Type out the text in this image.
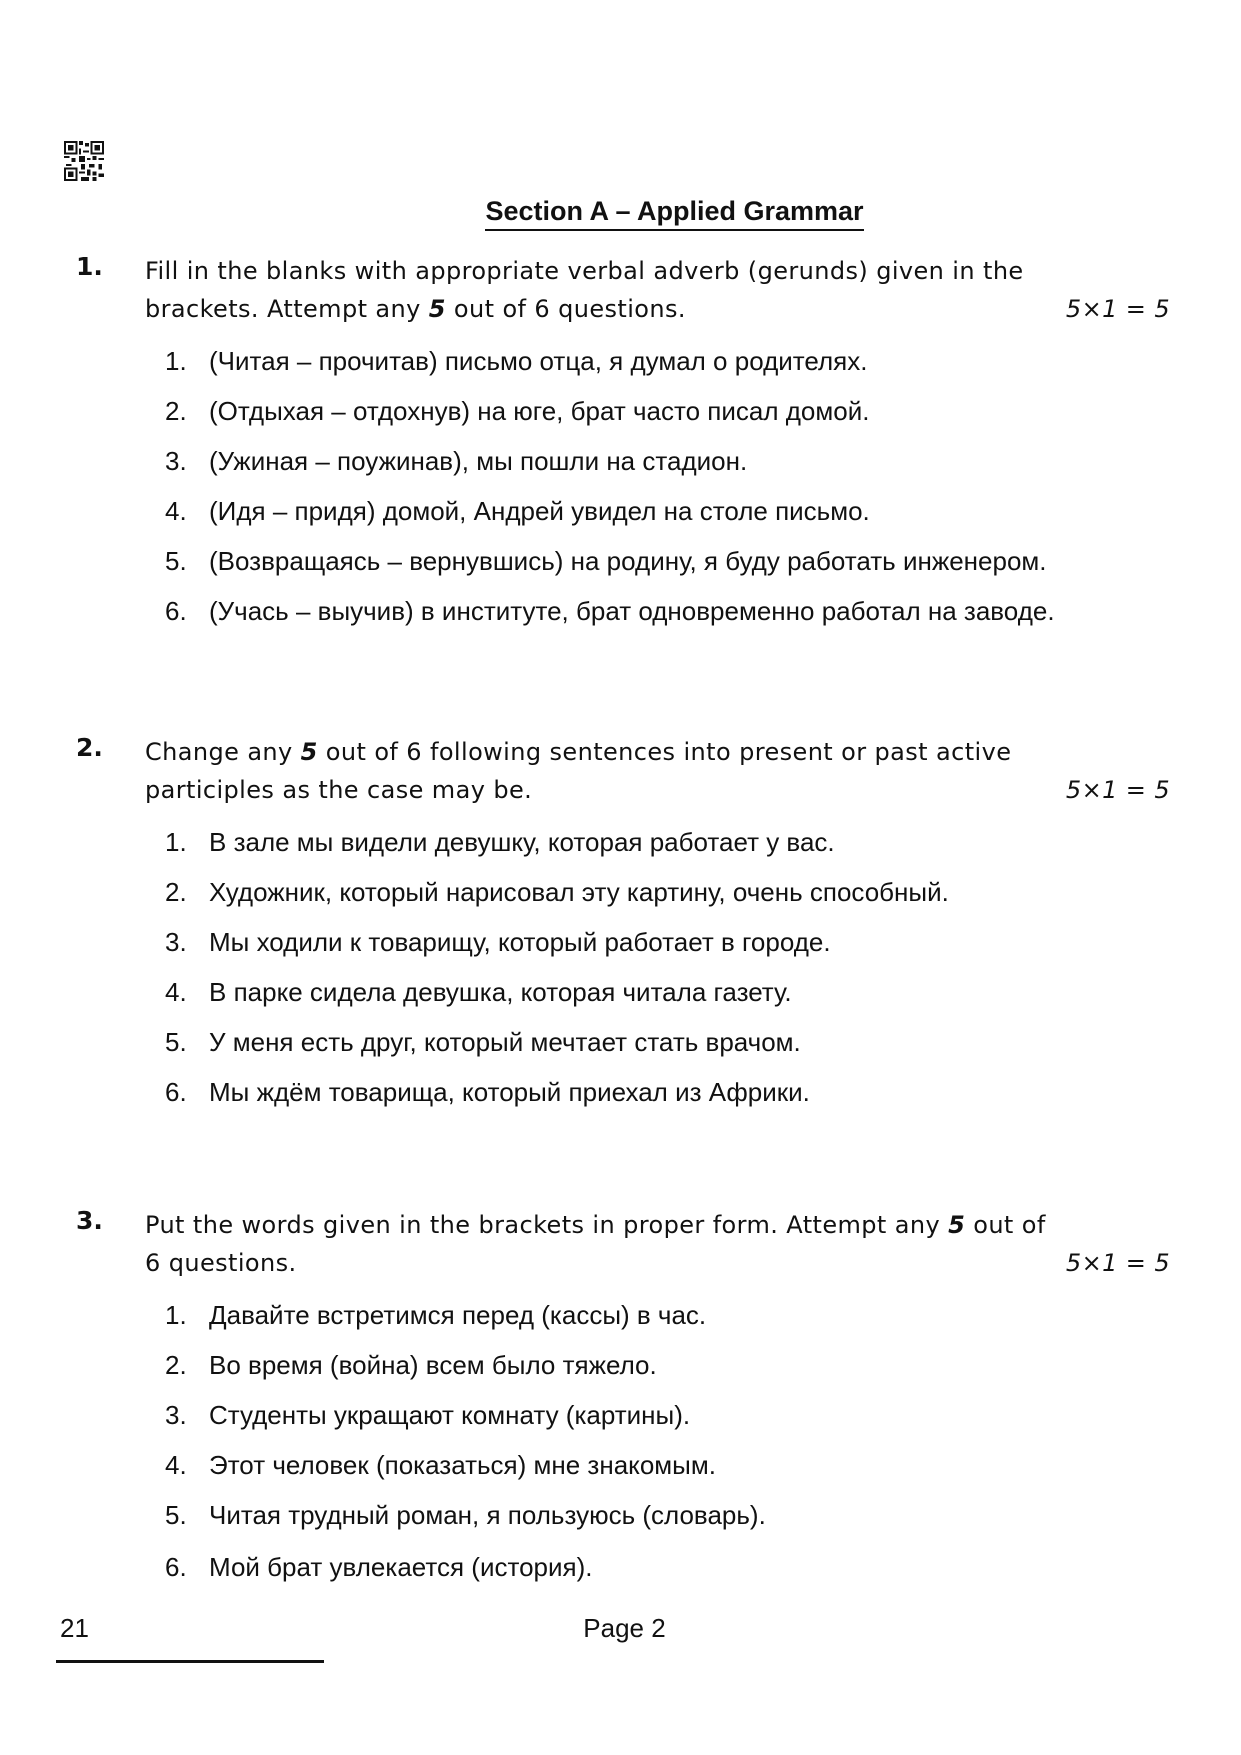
Section A – Applied Grammar
1. Fill in the blanks with appropriate verbal adverb (gerunds) given in the
brackets. Attempt any 5 out of 6 questions.	5×1 = 5
1. (Читая – прочитав) письмо отца, я думал о родителях.
2. (Отдыхая – отдохнув) на юге, брат часто писал домой.
3. (Ужиная – поужинав), мы пошли на стадион.
4. (Идя – придя) домой, Андрей увидел на столе письмо.
5. (Возвращаясь – вернувшись) на родину, я буду работать инженером.
6. (Учась – выучив) в институте, брат одновременно работал на заводе.
2. Change any 5 out of 6 following sentences into present or past active
participles as the case may be.	5×1 = 5
1. В зале мы видели девушку, которая работает у вас.
2. Художник, который нарисовал эту картину, очень способный.
3. Мы ходили к товарищу, который работает в городе.
4. В парке сидела девушка, которая читала газету.
5. У меня есть друг, который мечтает стать врачом.
6. Мы ждём товарища, который приехал из Африки.
3. Put the words given in the brackets in proper form. Attempt any 5 out of
6 questions.	5×1 = 5
1. Давайте встретимся перед (кассы) в час.
2. Во время (война) всем было тяжело.
3. Студенты укращают комнату (картины).
4. Этот человек (показаться) мне знакомым.
5. Читая трудный роман, я пользуюсь (словарь).
6. Мой брат увлекается (история).
21	Page 2
